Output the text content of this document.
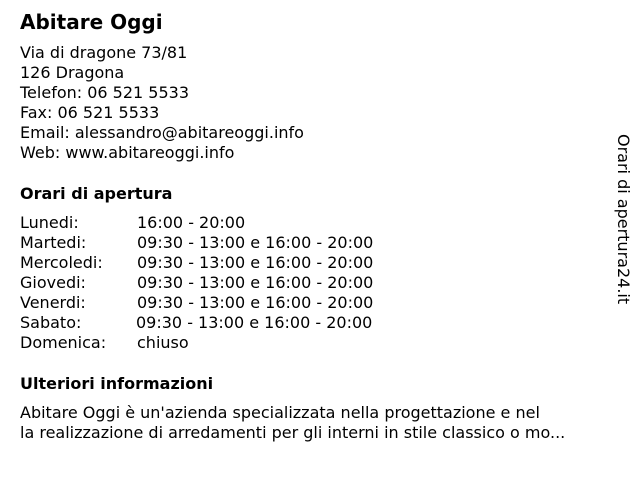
Abitare Oggi
Via di dragone 73/81
126 Dragona
Telefon: 06 521 5533
Fax: 06 521 5533
Email: alessandro@abitareoggi.info
Web: www.abitareoggi.info
Orari di apertura
Lunedi:	16:00 - 20:00
Martedi:	09:30 - 13:00 e 16:00 - 20:00
Mercoledi: 09:30 - 13:00 e 16:00 - 20:00
Giovedi:	09:30 - 13:00 e 16:00 - 20:00
Venerdi:	09:30 - 13:00 e 16:00 - 20:00
Sabato:	09:30 - 13:00 e 16:00 - 20:00
Domenica: chiuso
Ulteriori informazioni
Abitare Oggi è un'azienda specializzata nella progettazione e nel
la realizzazione di arredamenti per gli interni in stile classico o mo...
Orari di apertura24.it
